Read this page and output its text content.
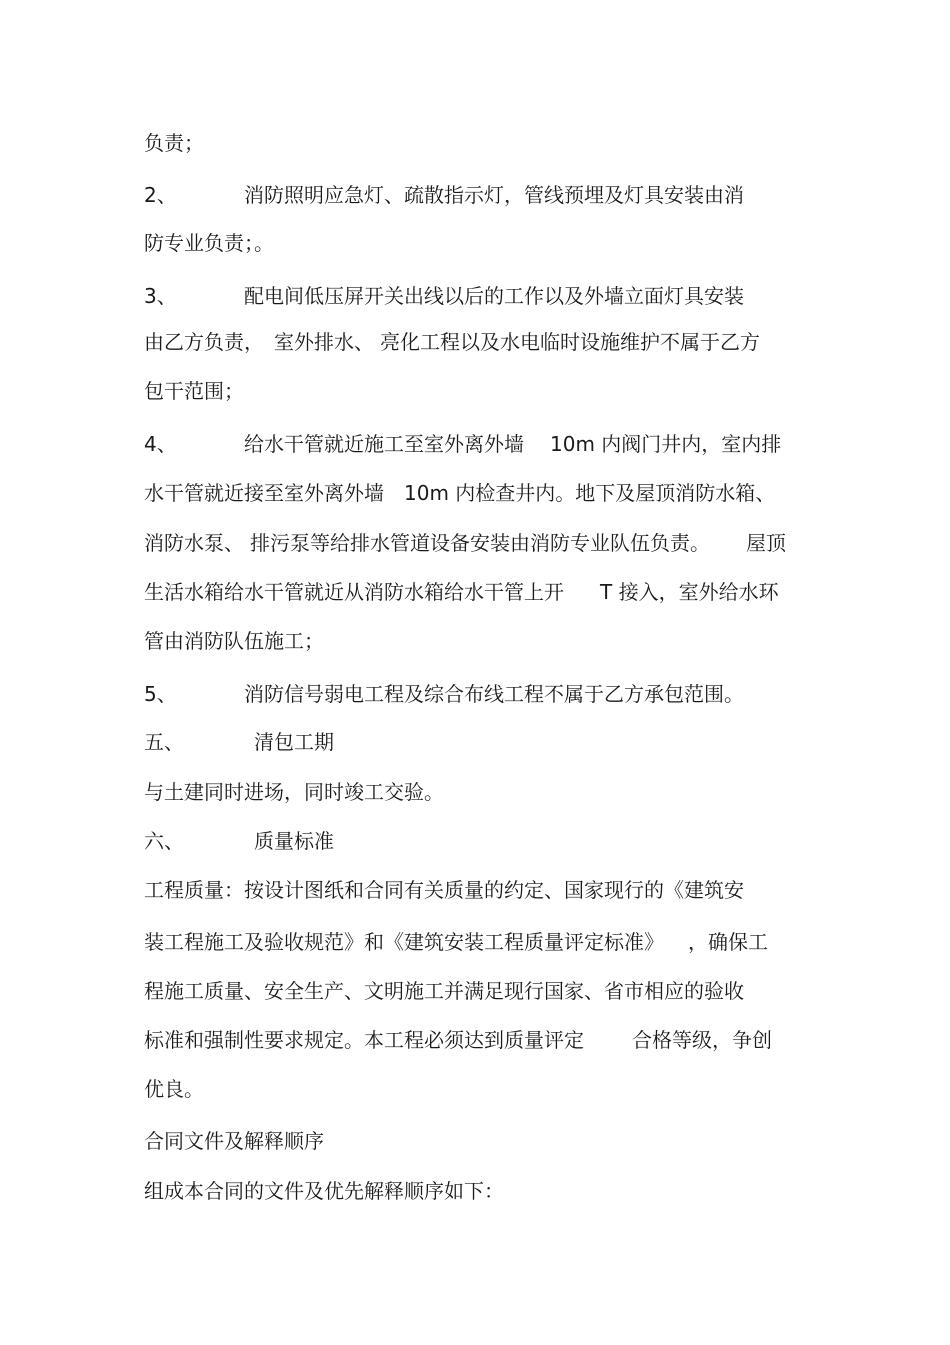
负责；
2、	消防照明应急灯、疏散指示灯，管线预埋及灯具安装由消
防专业负责；。
3、	配电间低压屏开关出线以后的工作以及外墙立面灯具安装
由乙方负责， 室外排水、 亮化工程以及水电临时设施维护不属于乙方
包干范围；
4、	给水干管就近施工至室外离外墙 10m 内阀门井内，室内排
水干管就近接至室外离外墙 10m 内检查井内。地下及屋顶消防水箱、
消防水泵、 排污泵等给排水管道设备安装由消防专业队伍负责。 屋顶
生活水箱给水干管就近从消防水箱给水干管上开 T 接入，室外给水环
管由消防队伍施工；
5、	消防信号弱电工程及综合布线工程不属于乙方承包范围。
五、	清包工期
与土建同时进场，同时竣工交验。
六、	质量标准
工程质量：按设计图纸和合同有关质量的约定、国家现行的《建筑安
装工程施工及验收规范》和《建筑安装工程质量评定标准》 ，确保工
程施工质量、安全生产、文明施工并满足现行国家、省市相应的验收
标准和强制性要求规定。本工程必须达到质量评定 合格等级，争创
优良。
合同文件及解释顺序
组成本合同的文件及优先解释顺序如下：
